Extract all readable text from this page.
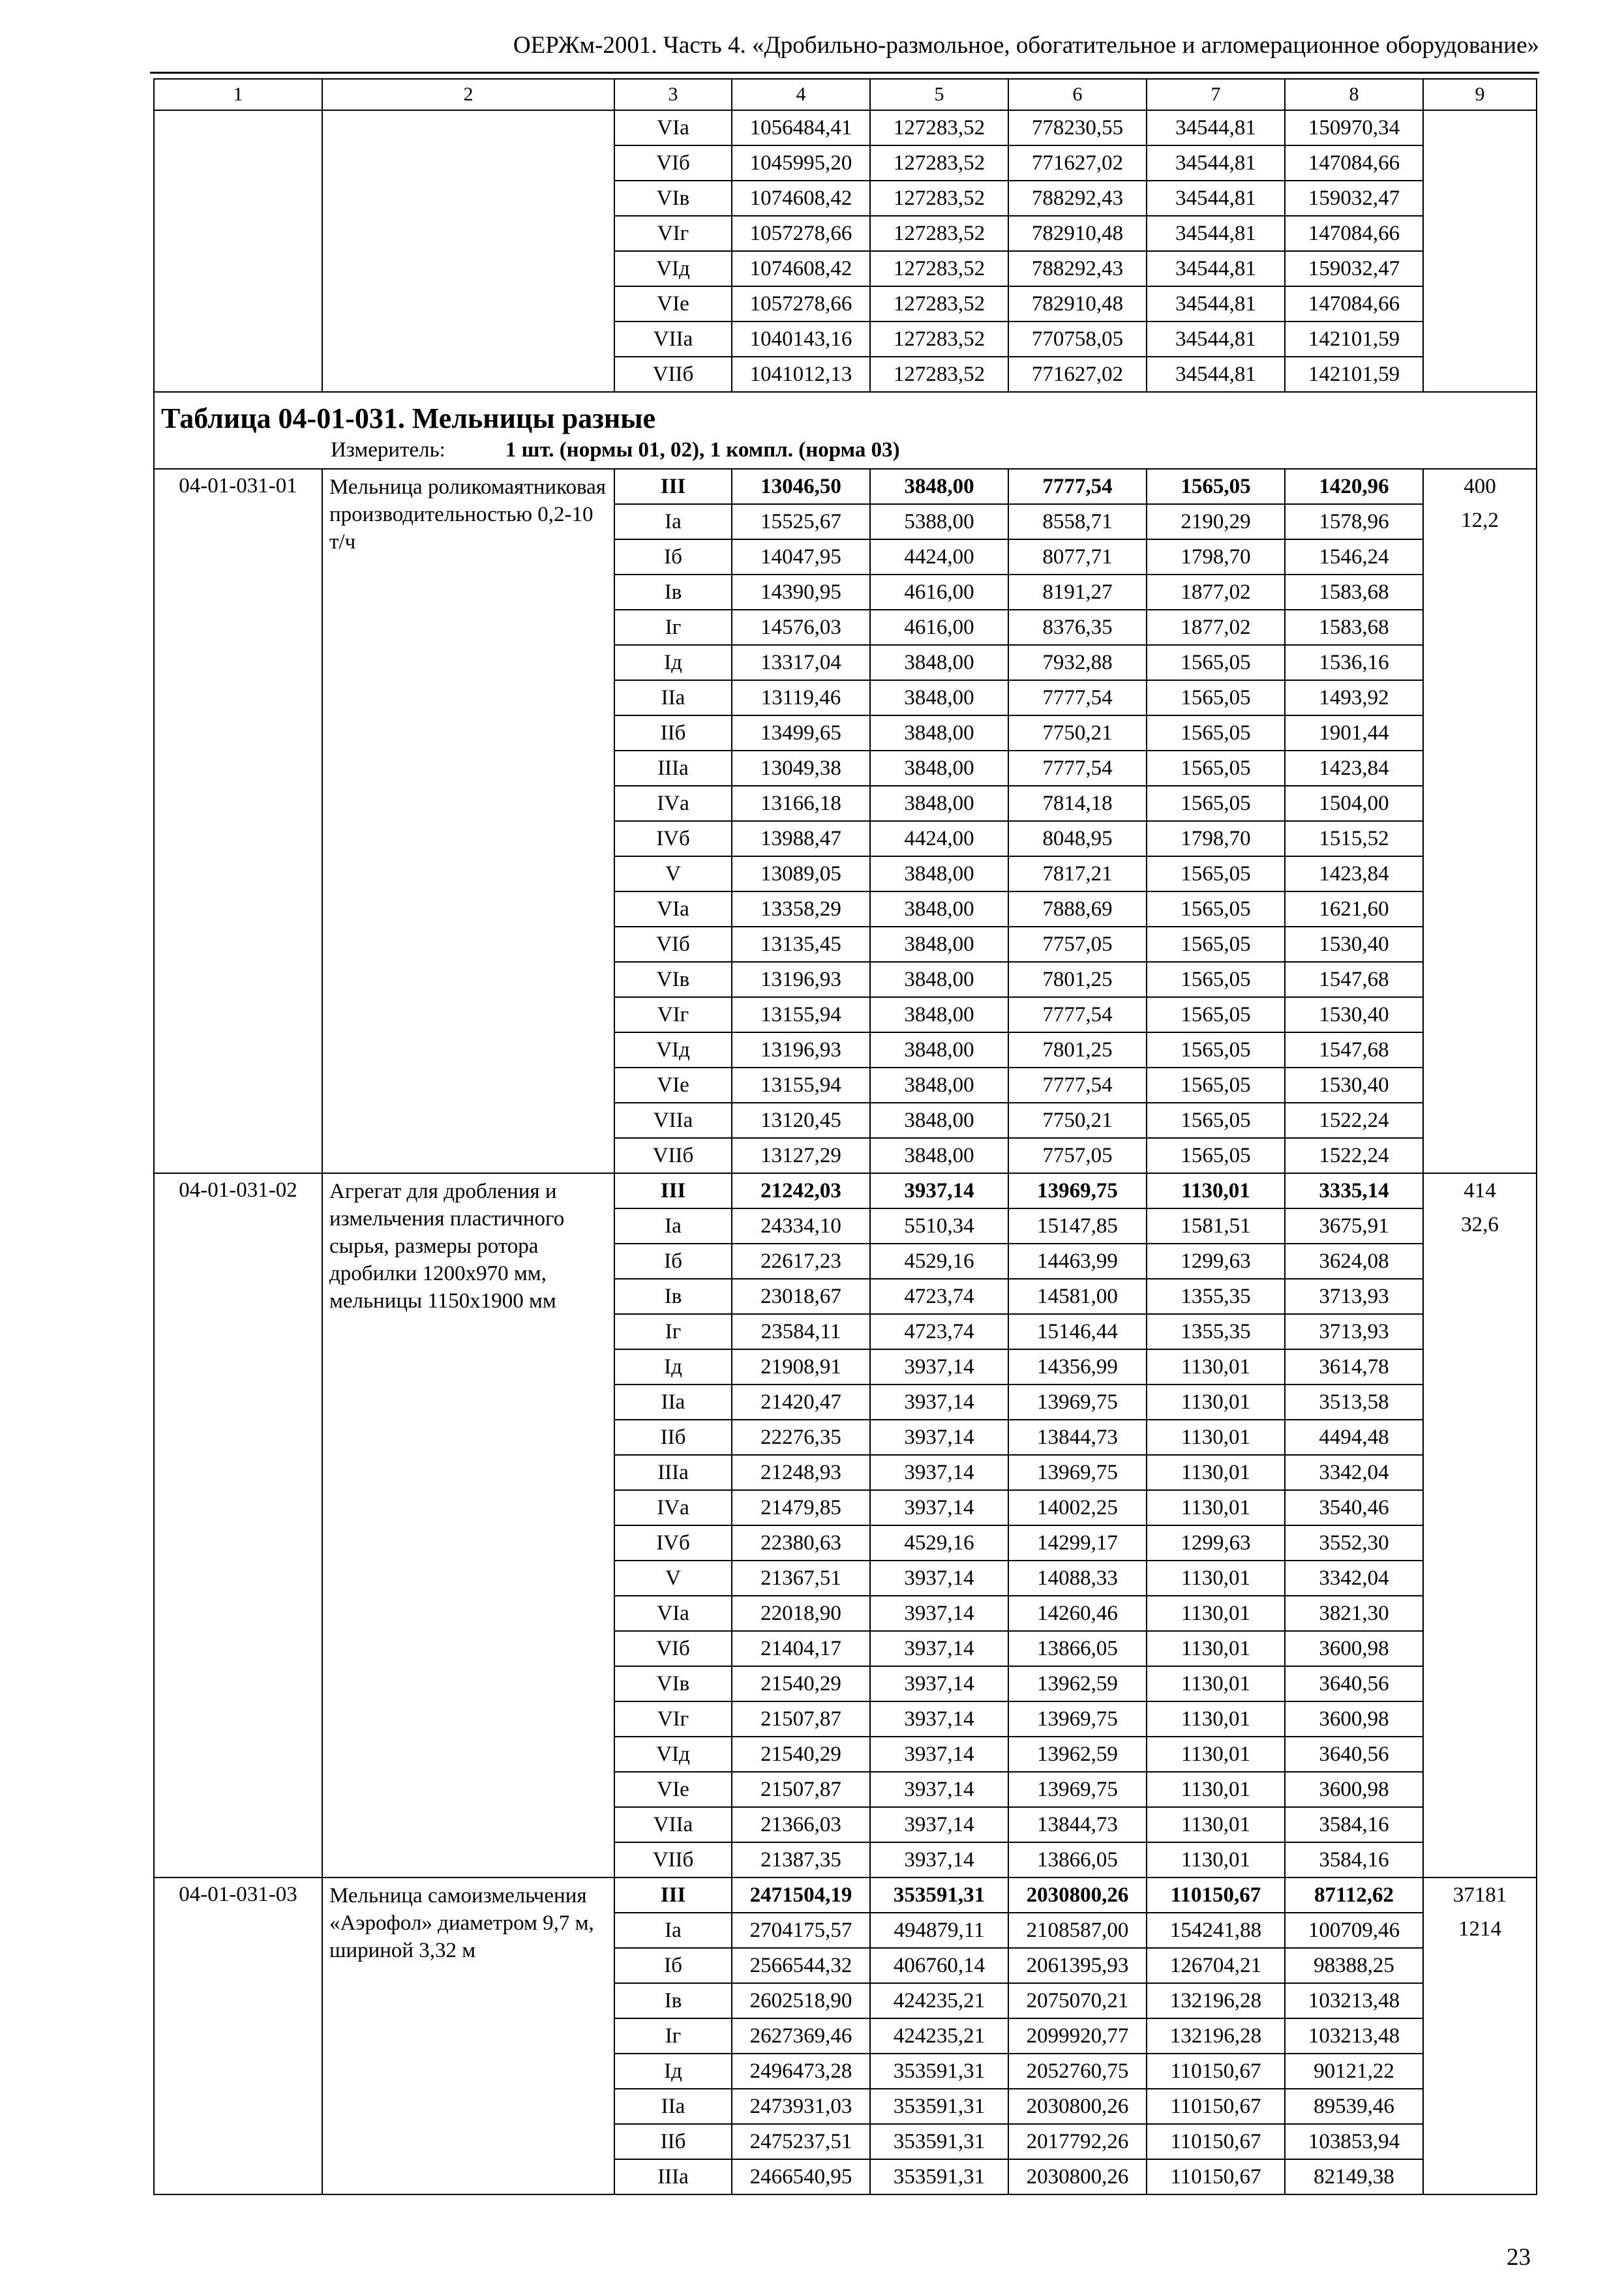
ОЕРЖм-2001. Часть 4. «Дробильно-размольное, обогатительное и агломерационное оборудование»
1	2	3	4	5	6	7	8	9
		VIа	1056484,41	127283,52	778230,55	34544,81	150970,34	
		VIб	1045995,20	127283,52	771627,02	34544,81	147084,66	
		VIв	1074608,42	127283,52	788292,43	34544,81	159032,47	
		VIг	1057278,66	127283,52	782910,48	34544,81	147084,66	
		VIд	1074608,42	127283,52	788292,43	34544,81	159032,47	
		VIе	1057278,66	127283,52	782910,48	34544,81	147084,66	
		VIIа	1040143,16	127283,52	770758,05	34544,81	142101,59	
		VIIб	1041012,13	127283,52	771627,02	34544,81	142101,59	

Таблица 04-01-031. Мельницы разные
Измеритель: 1 шт. (нормы 01, 02), 1 компл. (норма 03)								

04-01-031-01	Мельница роликомаятниковая производительностью 0,2-10 т/ч	III	13046,50	3848,00	7777,54	1565,05	1420,96	400
12,2

		Iа	15525,67	5388,00	8558,71	2190,29	1578,96	
		Iб	14047,95	4424,00	8077,71	1798,70	1546,24	
		Iв	14390,95	4616,00	8191,27	1877,02	1583,68	
		Iг	14576,03	4616,00	8376,35	1877,02	1583,68	
		Iд	13317,04	3848,00	7932,88	1565,05	1536,16	
		IIа	13119,46	3848,00	7777,54	1565,05	1493,92	
		IIб	13499,65	3848,00	7750,21	1565,05	1901,44	
		IIIа	13049,38	3848,00	7777,54	1565,05	1423,84	
		IVа	13166,18	3848,00	7814,18	1565,05	1504,00	
		IVб	13988,47	4424,00	8048,95	1798,70	1515,52	
		V	13089,05	3848,00	7817,21	1565,05	1423,84	
		VIа	13358,29	3848,00	7888,69	1565,05	1621,60	
		VIб	13135,45	3848,00	7757,05	1565,05	1530,40	
		VIв	13196,93	3848,00	7801,25	1565,05	1547,68	
		VIг	13155,94	3848,00	7777,54	1565,05	1530,40	
		VIд	13196,93	3848,00	7801,25	1565,05	1547,68	
		VIе	13155,94	3848,00	7777,54	1565,05	1530,40	
		VIIа	13120,45	3848,00	7750,21	1565,05	1522,24	
		VIIб	13127,29	3848,00	7757,05	1565,05	1522,24	
04-01-031-02	Агрегат для дробления и измельчения пластичного сырья, размеры ротора дробилки 1200х970 мм, мельницы 1150х1900 мм	III	21242,03	3937,14	13969,75	1130,01	3335,14	414
32,6

		Iа	24334,10	5510,34	15147,85	1581,51	3675,91	
		Iб	22617,23	4529,16	14463,99	1299,63	3624,08	
		Iв	23018,67	4723,74	14581,00	1355,35	3713,93	
		Iг	23584,11	4723,74	15146,44	1355,35	3713,93	
		Iд	21908,91	3937,14	14356,99	1130,01	3614,78	
		IIа	21420,47	3937,14	13969,75	1130,01	3513,58	
		IIб	22276,35	3937,14	13844,73	1130,01	4494,48	
		IIIа	21248,93	3937,14	13969,75	1130,01	3342,04	
		IVа	21479,85	3937,14	14002,25	1130,01	3540,46	
		IVб	22380,63	4529,16	14299,17	1299,63	3552,30	
		V	21367,51	3937,14	14088,33	1130,01	3342,04	
		VIа	22018,90	3937,14	14260,46	1130,01	3821,30	
		VIб	21404,17	3937,14	13866,05	1130,01	3600,98	
		VIв	21540,29	3937,14	13962,59	1130,01	3640,56	
		VIг	21507,87	3937,14	13969,75	1130,01	3600,98	
		VIд	21540,29	3937,14	13962,59	1130,01	3640,56	
		VIе	21507,87	3937,14	13969,75	1130,01	3600,98	
		VIIа	21366,03	3937,14	13844,73	1130,01	3584,16	
		VIIб	21387,35	3937,14	13866,05	1130,01	3584,16	
04-01-031-03	Мельница самоизмельчения «Аэрофол» диаметром 9,7 м, шириной 3,32 м	III	2471504,19	353591,31	2030800,26	110150,67	87112,62	37181
1214

		Iа	2704175,57	494879,11	2108587,00	154241,88	100709,46	
		Iб	2566544,32	406760,14	2061395,93	126704,21	98388,25	
		Iв	2602518,90	424235,21	2075070,21	132196,28	103213,48	
		Iг	2627369,46	424235,21	2099920,77	132196,28	103213,48	
		Iд	2496473,28	353591,31	2052760,75	110150,67	90121,22	
		IIа	2473931,03	353591,31	2030800,26	110150,67	89539,46	
		IIб	2475237,51	353591,31	2017792,26	110150,67	103853,94	
		IIIа	2466540,95	353591,31	2030800,26	110150,67	82149,38	
23
